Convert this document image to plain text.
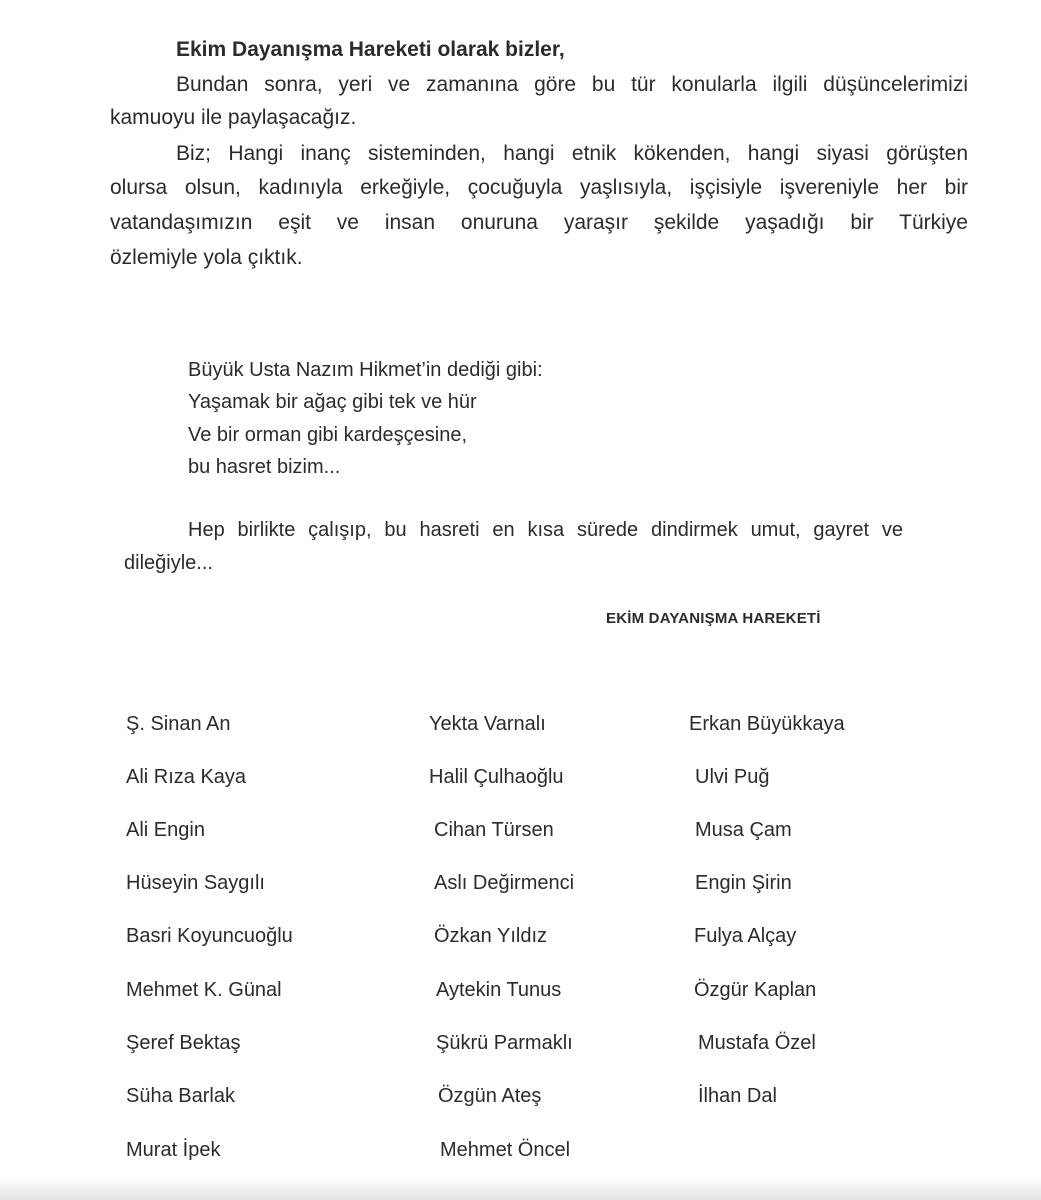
Ekim Dayanışma Hareketi olarak bizler,
Bundan sonra, yeri ve zamanına göre bu tür konularla ilgili düşüncelerimizi
kamuoyu ile paylaşacağız.
Biz; Hangi inanç sisteminden, hangi etnik kökenden, hangi siyasi görüşten
olursa olsun, kadınıyla erkeğiyle, çocuğuyla yaşlısıyla, işçisiyle işvereniyle her bir
vatandaşımızın eşit ve insan onuruna yaraşır şekilde yaşadığı bir Türkiye
özlemiyle yola çıktık.
Büyük Usta Nazım Hikmet’in dediği gibi:
Yaşamak bir ağaç gibi tek ve hür
Ve bir orman gibi kardeşçesine,
bu hasret bizim...
Hep birlikte çalışıp, bu hasreti en kısa sürede dindirmek umut, gayret ve
dileğiyle...
EKİM DAYANIŞMA HAREKETİ
Ş. Sinan An
Ali Rıza Kaya
Ali Engin
Hüseyin Saygılı
Basri Koyuncuoğlu
Mehmet K. Günal
Şeref Bektaş
Süha Barlak
Murat İpek
Yekta Varnalı
Halil Çulhaoğlu
Cihan Türsen
Aslı Değirmenci
Özkan Yıldız
Aytekin Tunus
Şükrü Parmaklı
Özgün Ateş
Mehmet Öncel
Erkan Büyükkaya
Ulvi Puğ
Musa Çam
Engin Şirin
Fulya Alçay
Özgür Kaplan
Mustafa Özel
İlhan Dal
